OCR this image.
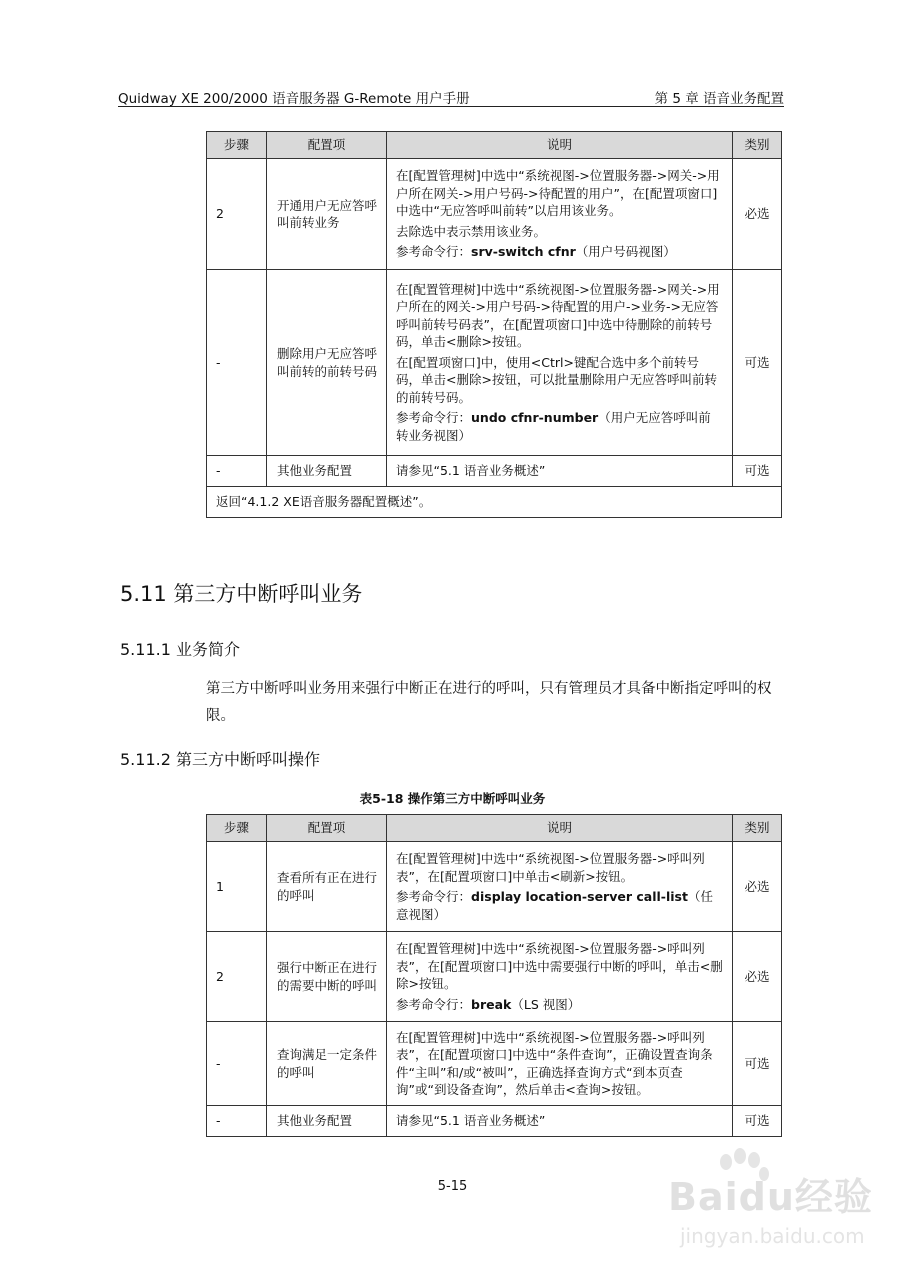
Quidway XE 200/2000 语音服务器 G-Remote 用户手册	第 5 章 语音业务配置
步骤	配置项	说明	类别
2	开通用户无应答呼叫前转业务	在[配置管理树]中选中“系统视图->位置服务器->网关->用户所在网关->用户号码->待配置的用户”，在[配置项窗口]中选中“无应答呼叫前转”以启用该业务。

去除选中表示禁用该业务。

参考命令行：srv-switch cfnr（用户号码视图）	必选
-	删除用户无应答呼叫前转的前转号码	在[配置管理树]中选中“系统视图->位置服务器->网关->用户所在的网关->用户号码->待配置的用户->业务->无应答呼叫前转号码表”，在[配置项窗口]中选中待删除的前转号码，单击<删除>按钮。

在[配置项窗口]中，使用<Ctrl>键配合选中多个前转号码，单击<删除>按钮，可以批量删除用户无应答呼叫前转的前转号码。

参考命令行：undo cfnr-number（用户无应答呼叫前转业务视图）	可选
-	其他业务配置	请参见“5.1 语音业务概述”	可选
返回“4.1.2 XE语音服务器配置概述”。			
5.11 第三方中断呼叫业务
5.11.1 业务简介

第三方中断呼叫业务用来强行中断正在进行的呼叫，只有管理员才具备中断指定呼叫的权限。

5.11.2 第三方中断呼叫操作
表5-18 操作第三方中断呼叫业务
步骤	配置项	说明	类别
1	查看所有正在进行的呼叫	在[配置管理树]中选中“系统视图->位置服务器->呼叫列表”，在[配置项窗口]中单击<刷新>按钮。

参考命令行：display location-server call-list（任意视图）	必选
2	强行中断正在进行的需要中断的呼叫	在[配置管理树]中选中“系统视图->位置服务器->呼叫列表”，在[配置项窗口]中选中需要强行中断的呼叫，单击<删除>按钮。

参考命令行：break（LS 视图）	必选
-	查询满足一定条件的呼叫	在[配置管理树]中选中“系统视图->位置服务器->呼叫列表”，在[配置项窗口]中选中“条件查询”，正确设置查询条件“主叫”和/或“被叫”，正确选择查询方式“到本页查询”或“到设备查询”，然后单击<查询>按钮。	可选
-	其他业务配置	请参见“5.1 语音业务概述”	可选
5-15	Baidu经验
jingyan.baidu.com
